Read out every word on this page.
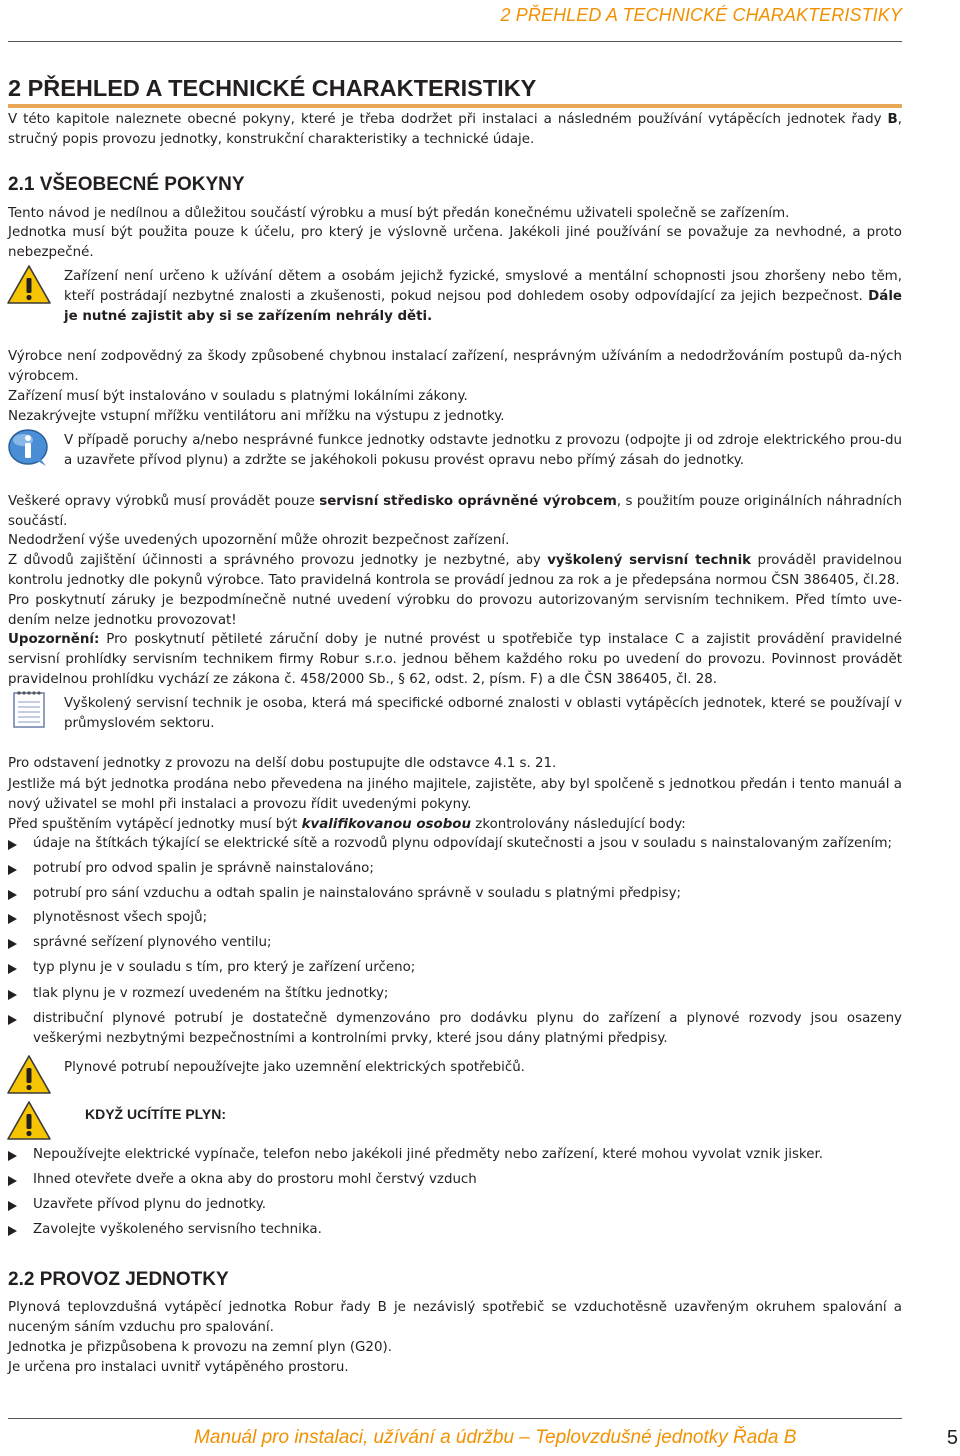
2 PŘEHLED A TECHNICKÉ CHARAKTERISTIKY
2 PŘEHLED A TECHNICKÉ CHARAKTERISTIKY

V této kapitole naleznete obecné pokyny, které je třeba dodržet při instalaci a následném používání vytápěcích jednotek řady B, stručný popis provozu jednotky, konstrukční charakteristiky a technické údaje.

2.1 VŠEOBECNÉ POKYNY

Tento návod je nedílnou a důležitou součástí výrobku a musí být předán konečnému uživateli společně se zařízením.

Jednotka musí být použita pouze k účelu, pro který je výslovně určena. Jakékoli jiné používání se považuje za nevhodné, a proto nebezpečné.

Zařízení není určeno k užívání dětem a osobám jejichž fyzické, smyslové a mentální schopnosti jsou zhoršeny nebo těm, kteří postrádají nezbytné znalosti a zkušenosti, pokud nejsou pod dohledem osoby odpovídající za jejich bezpečnost. Dále je nutné zajistit aby si se zařízením nehrály děti.

Výrobce není zodpovědný za škody způsobené chybnou instalací zařízení, nesprávným užíváním a nedodržováním postupů da-ných výrobcem.

Zařízení musí být instalováno v souladu s platnými lokálními zákony.

Nezakrývejte vstupní mřížku ventilátoru ani mřížku na výstupu z jednotky.

V případě poruchy a/nebo nesprávné funkce jednotky odstavte jednotku z provozu (odpojte ji od zdroje elektrického prou-du a uzavřete přívod plynu) a zdržte se jakéhokoli pokusu provést opravu nebo přímý zásah do jednotky.

Veškeré opravy výrobků musí provádět pouze servisní středisko oprávněné výrobcem, s použitím pouze originálních náhradních součástí.

Nedodržení výše uvedených upozornění může ohrozit bezpečnost zařízení.

Z důvodů zajištění účinnosti a správného provozu jednotky je nezbytné, aby vyškolený servisní technik prováděl pravidelnou kontrolu jednotky dle pokynů výrobce. Tato pravidelná kontrola se provádí jednou za rok a je předepsána normou ČSN 386405, čl.28.

Pro poskytnutí záruky je bezpodmínečně nutné uvedení výrobku do provozu autorizovaným servisním technikem. Před tímto uve-dením nelze jednotku provozovat!

Upozornění: Pro poskytnutí pětileté záruční doby je nutné provést u spotřebiče typ instalace C a zajistit provádění pravidelné servisní prohlídky servisním technikem firmy Robur s.r.o. jednou během každého roku po uvedení do provozu. Povinnost provádět pravidelnou prohlídku vychází ze zákona č. 458/2000 Sb., § 62, odst. 2, písm. F) a dle ČSN 386405, čl. 28.

Vyškolený servisní technik je osoba, která má specifické odborné znalosti v oblasti vytápěcích jednotek, které se používají v průmyslovém sektoru.

Pro odstavení jednotky z provozu na delší dobu postupujte dle odstavce 4.1 s. 21.

Jestliže má být jednotka prodána nebo převedena na jiného majitele, zajistěte, aby byl spolčeně s jednotkou předán i tento manuál a nový uživatel se mohl při instalaci a provozu řídit uvedenými pokyny.

Před spuštěním vytápěcí jednotky musí být kvalifikovanou osobou zkontrolovány následující body:

údaje na štítkách týkající se elektrické sítě a rozvodů plynu odpovídají skutečnosti a jsou v souladu s nainstalovaným zařízením;
potrubí pro odvod spalin je správně nainstalováno;
potrubí pro sání vzduchu a odtah spalin je nainstalováno správně v souladu s platnými předpisy;
plynotěsnost všech spojů;
správné seřízení plynového ventilu;
typ plynu je v souladu s tím, pro který je zařízení určeno;
tlak plynu je v rozmezí uvedeném na štítku jednotky;
distribuční plynové potrubí je dostatečně dymenzováno pro dodávku plynu do zařízení a plynové rozvody jsou osazeny veškerými nezbytnými bezpečnostními a kontrolními prvky, které jsou dány platnými předpisy.

Plynové potrubí nepoužívejte jako uzemnění elektrických spotřebičů.

KDYŽ UCÍTÍTE PLYN:
Nepoužívejte elektrické vypínače, telefon nebo jakékoli jiné předměty nebo zařízení, které mohou vyvolat vznik jisker.
Ihned otevřete dveře a okna aby do prostoru mohl čerstvý vzduch
Uzavřete přívod plynu do jednotky.
Zavolejte vyškoleného servisního technika.
2.2 PROVOZ JEDNOTKY

Plynová teplovzdušná vytápěcí jednotka Robur řady B je nezávislý spotřebič se vzduchotěsně uzavřeným okruhem spalování a nuceným sáním vzduchu pro spalování.

Jednotka je přizpůsobena k provozu na zemní plyn (G20).

Je určena pro instalaci uvnitř vytápěného prostoru.

Manuál pro instalaci, užívání a údržbu – Teplovzdušné jednotky Řada B	5
